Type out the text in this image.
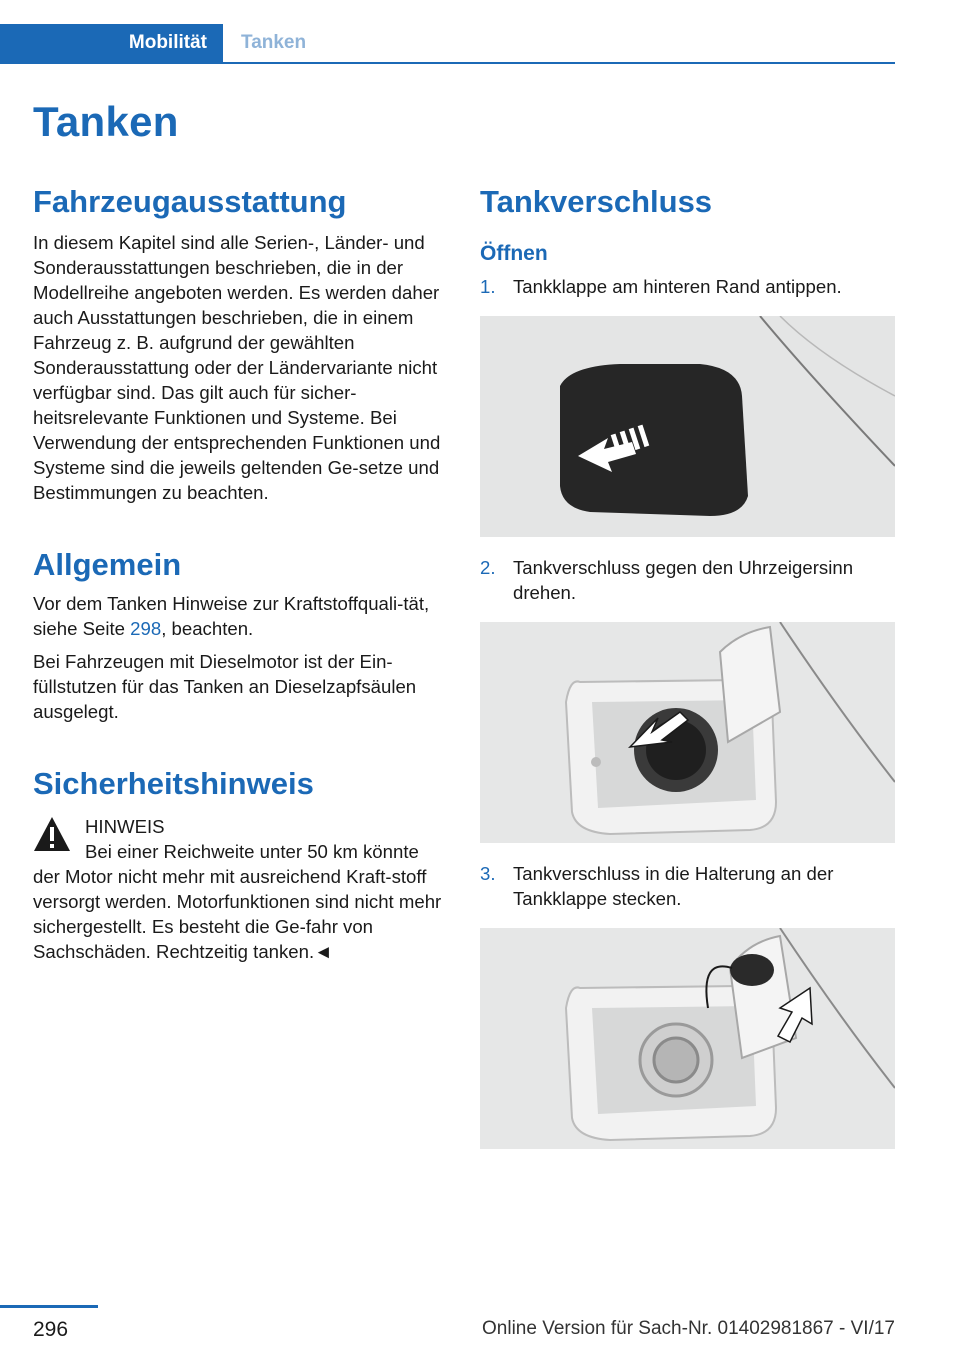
Mobilität	Tanken
Tanken
Fahrzeugausstattung

In diesem Kapitel sind alle Serien-, Länder- und Sonderausstattungen beschrieben, die in der Modellreihe angeboten werden. Es werden daher auch Ausstattungen beschrieben, die in einem Fahrzeug z. B. aufgrund der gewählten Sonderausstattung oder der Ländervariante nicht verfügbar sind. Das gilt auch für sicher-heitsrelevante Funktionen und Systeme. Bei Verwendung der entsprechenden Funktionen und Systeme sind die jeweils geltenden Ge-setze und Bestimmungen zu beachten.

Allgemein

Vor dem Tanken Hinweise zur Kraftstoffquali-tät, siehe Seite 298, beachten.

Bei Fahrzeugen mit Dieselmotor ist der Ein-füllstutzen für das Tanken an Dieselzapfsäulen ausgelegt.

Sicherheitshinweis

HINWEIS

Bei einer Reichweite unter 50 km könnte der Motor nicht mehr mit ausreichend Kraft-stoff versorgt werden. Motorfunktionen sind nicht mehr sichergestellt. Es besteht die Ge-fahr von Sachschäden. Rechtzeitig tanken.◄

Tankverschluss
Öffnen
1. Tankklappe am hinteren Rand antippen.
2. Tankverschluss gegen den Uhrzeigersinn drehen.
3. Tankverschluss in die Halterung an der Tankklappe stecken.
296	Online Version für Sach-Nr. 01402981867 - VI/17
